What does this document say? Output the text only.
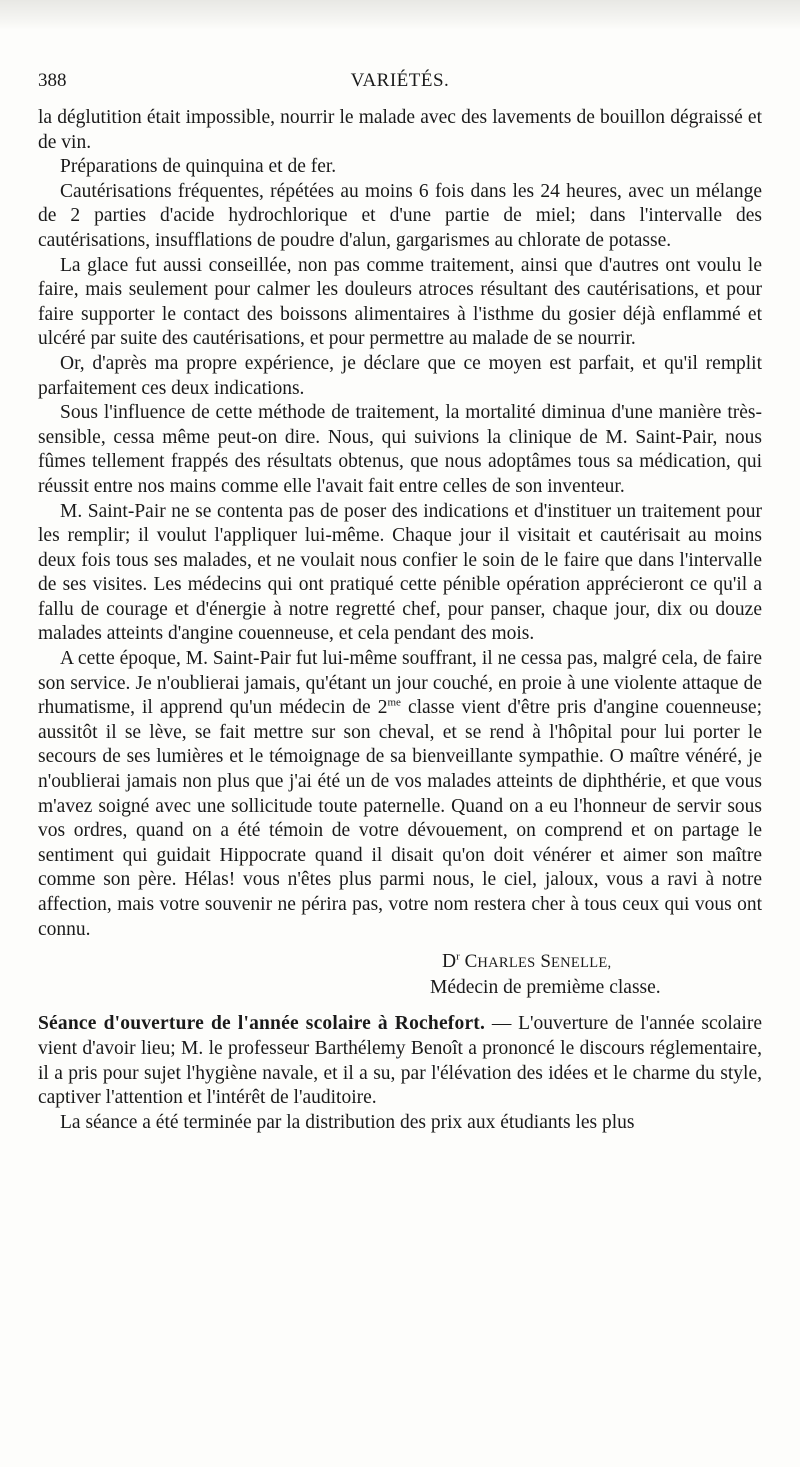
388	VARIÉTÉS.

la déglutition était impossible, nourrir le malade avec des lavements de bouillon dégraissé et de vin.

Préparations de quinquina et de fer.

Cautérisations fréquentes, répétées au moins 6 fois dans les 24 heures, avec un mélange de 2 parties d'acide hydrochlorique et d'une partie de miel; dans l'intervalle des cautérisations, insufflations de poudre d'alun, gargarismes au chlorate de potasse.

La glace fut aussi conseillée, non pas comme traitement, ainsi que d'autres ont voulu le faire, mais seulement pour calmer les douleurs atroces résultant des cautérisations, et pour faire supporter le contact des boissons alimentaires à l'isthme du gosier déjà enflammé et ulcéré par suite des cautérisations, et pour permettre au malade de se nourrir.

Or, d'après ma propre expérience, je déclare que ce moyen est parfait, et qu'il remplit parfaitement ces deux indications.

Sous l'influence de cette méthode de traitement, la mortalité diminua d'une manière très-sensible, cessa même peut-on dire. Nous, qui suivions la clinique de M. Saint-Pair, nous fûmes tellement frappés des résultats obtenus, que nous adoptâmes tous sa médication, qui réussit entre nos mains comme elle l'avait fait entre celles de son inventeur.

M. Saint-Pair ne se contenta pas de poser des indications et d'instituer un traitement pour les remplir; il voulut l'appliquer lui-même. Chaque jour il visitait et cautérisait au moins deux fois tous ses malades, et ne voulait nous confier le soin de le faire que dans l'intervalle de ses visites. Les médecins qui ont pratiqué cette pénible opération apprécieront ce qu'il a fallu de courage et d'énergie à notre regretté chef, pour panser, chaque jour, dix ou douze malades atteints d'angine couenneuse, et cela pendant des mois.

A cette époque, M. Saint-Pair fut lui-même souffrant, il ne cessa pas, malgré cela, de faire son service. Je n'oublierai jamais, qu'étant un jour couché, en proie à une violente attaque de rhumatisme, il apprend qu'un médecin de $2^{me}$ classe vient d'être pris d'angine couenneuse; aussitôt il se lève, se fait mettre sur son cheval, et se rend à l'hôpital pour lui porter le secours de ses lumières et le témoignage de sa bienveillante sympathie. O maître vénéré, je n'oublierai jamais non plus que j'ai été un de vos malades atteints de diphthérie, et que vous m'avez soigné avec une sollicitude toute paternelle. Quand on a eu l'honneur de servir sous vos ordres, quand on a été témoin de votre dévouement, on comprend et on partage le sentiment qui guidait Hippocrate quand il disait qu'on doit vénérer et aimer son maître comme son père. Hélas! vous n'êtes plus parmi nous, le ciel, jaloux, vous a ravi à notre affection, mais votre souvenir ne périra pas, votre nom restera cher à tous ceux qui vous ont connu.

$D^r$ CHARLES SENELLE,
Médecin de premième classe.

Séance d'ouverture de l'année scolaire à Rochefort. — L'ouverture de l'année scolaire vient d'avoir lieu; M. le professeur Barthélemy Benoît a prononcé le discours réglementaire, il a pris pour sujet l'hygiène navale, et il a su, par l'élévation des idées et le charme du style, captiver l'attention et l'intérêt de l'auditoire.

La séance a été terminée par la distribution des prix aux étudiants les plus
